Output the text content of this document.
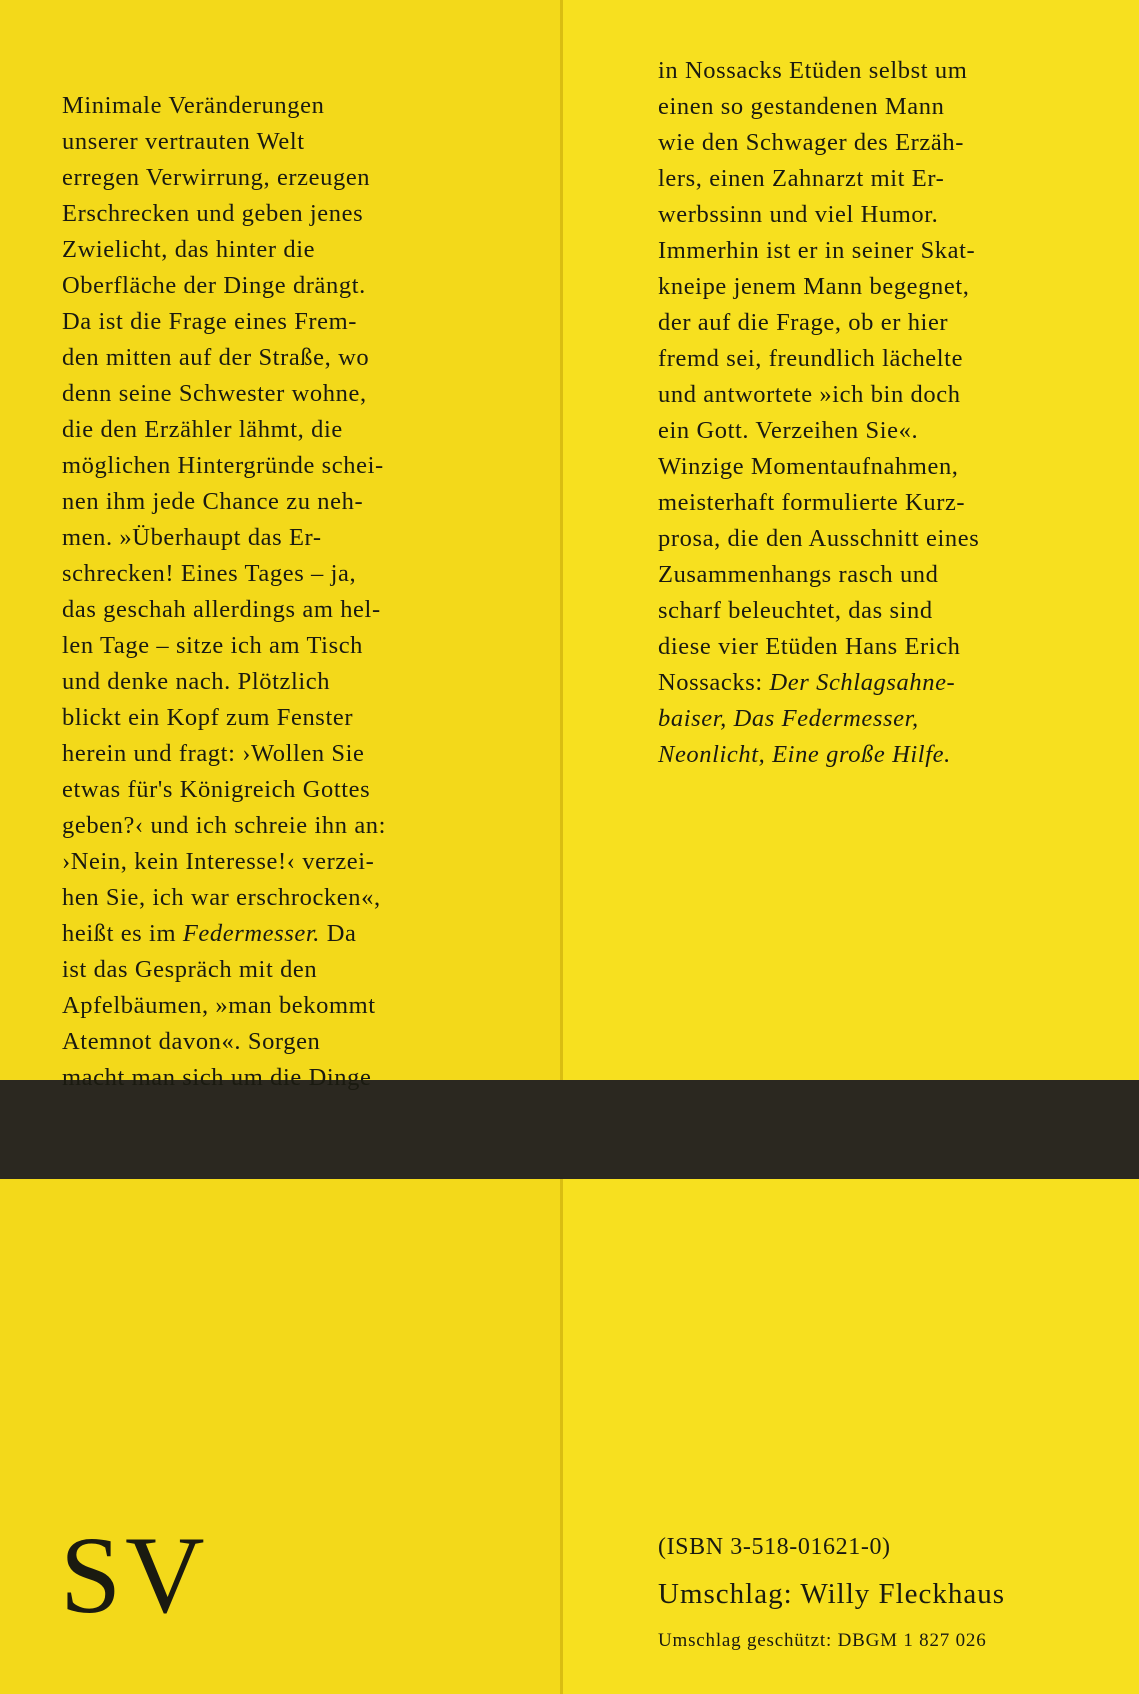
Minimale Veränderungen
unserer vertrauten Welt
erregen Verwirrung, erzeugen
Erschrecken und geben jenes
Zwielicht, das hinter die
Oberfläche der Dinge drängt.
Da ist die Frage eines Frem-
den mitten auf der Straße, wo
denn seine Schwester wohne,
die den Erzähler lähmt, die
möglichen Hintergründe schei-
nen ihm jede Chance zu neh-
men. »Überhaupt das Er-
schrecken! Eines Tages – ja,
das geschah allerdings am hel-
len Tage – sitze ich am Tisch
und denke nach. Plötzlich
blickt ein Kopf zum Fenster
herein und fragt: ›Wollen Sie
etwas für's Königreich Gottes
geben?‹ und ich schreie ihn an:
›Nein, kein Interesse!‹ verzei-
hen Sie, ich war erschrocken«,
heißt es im Federmesser. Da
ist das Gespräch mit den
Apfelbäumen, »man bekommt
Atemnot davon«. Sorgen
macht man sich um die Dinge
in Nossacks Etüden selbst um
einen so gestandenen Mann
wie den Schwager des Erzäh-
lers, einen Zahnarzt mit Er-
werbssinn und viel Humor.
Immerhin ist er in seiner Skat-
kneipe jenem Mann begegnet,
der auf die Frage, ob er hier
fremd sei, freundlich lächelte
und antwortete »ich bin doch
ein Gott. Verzeihen Sie«.
Winzige Momentaufnahmen,
meisterhaft formulierte Kurz-
prosa, die den Ausschnitt eines
Zusammenhangs rasch und
scharf beleuchtet, das sind
diese vier Etüden Hans Erich
Nossacks: Der Schlagsahne-
baiser, Das Federmesser,
Neonlicht, Eine große Hilfe.
SV	(ISBN 3-518-01621-0)
Umschlag: Willy Fleckhaus
Umschlag geschützt: DBGM 1 827 026
